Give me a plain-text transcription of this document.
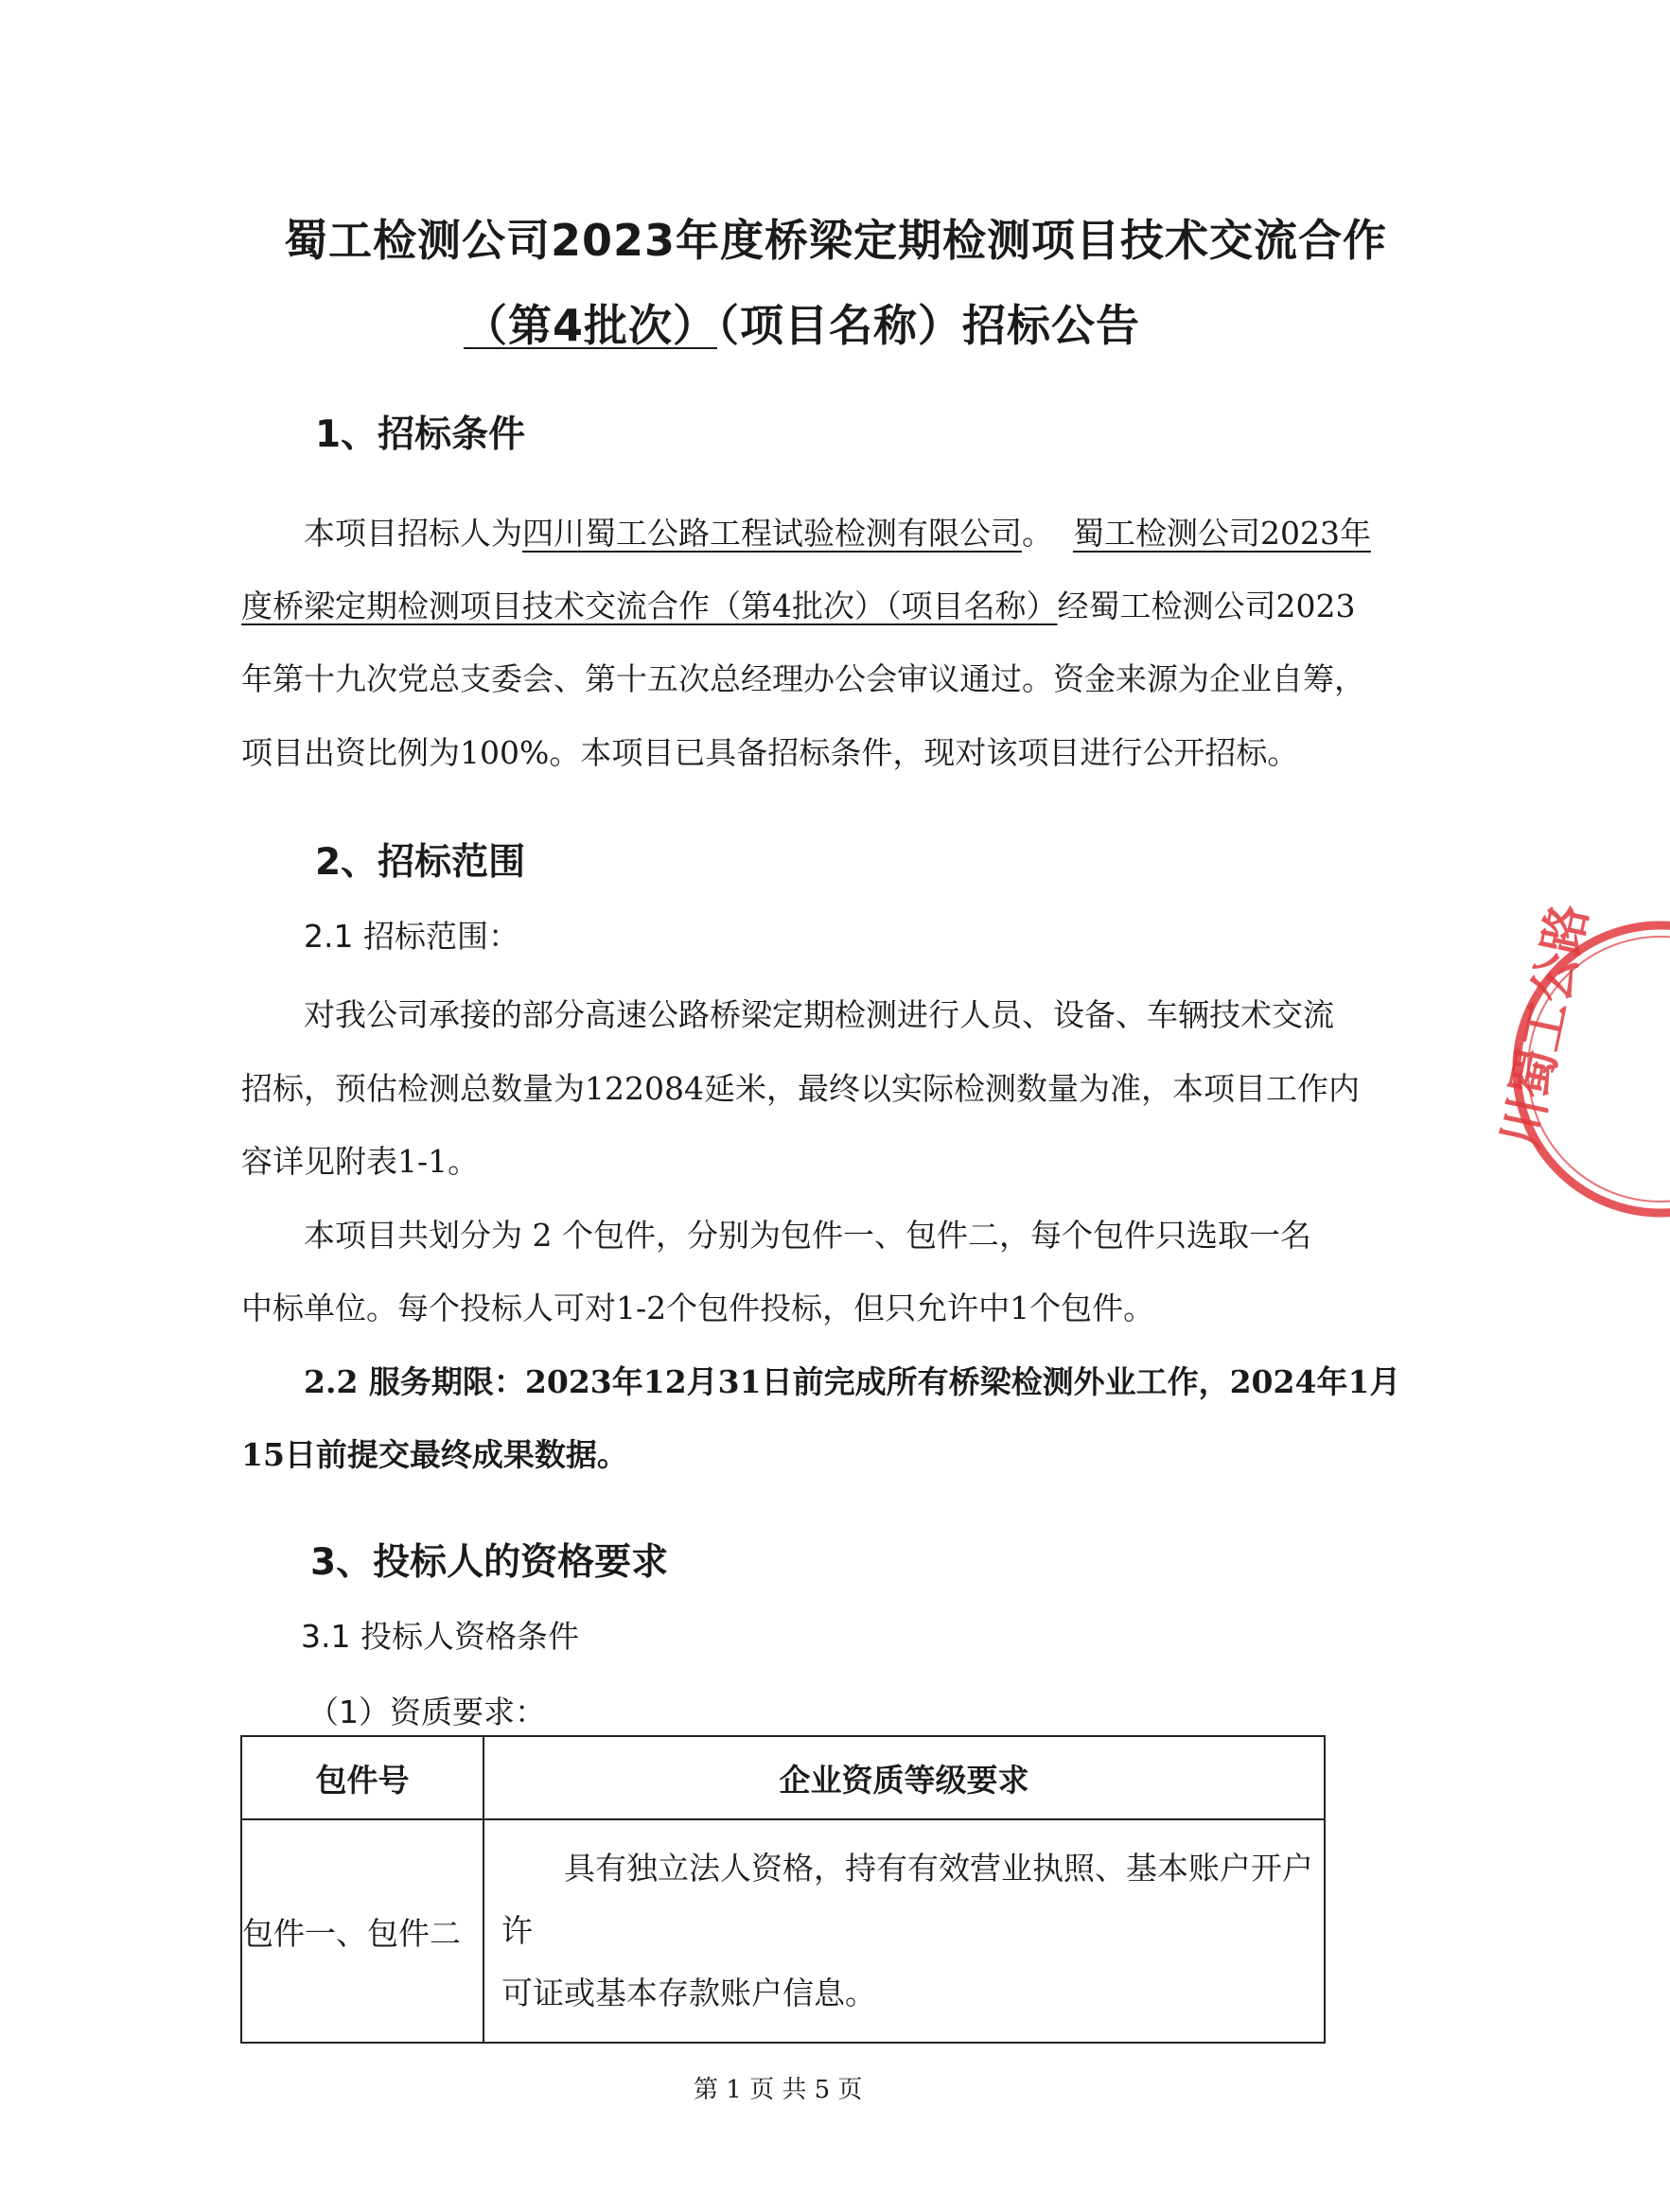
蜀工检测公司2023年度桥梁定期检测项目技术交流合作
（第4批次）（项目名称）招标公告
1、招标条件
本项目招标人为四川蜀工公路工程试验检测有限公司。 蜀工检测公司2023年
度桥梁定期检测项目技术交流合作（第4批次）（项目名称）经蜀工检测公司2023
年第十九次党总支委会、第十五次总经理办公会审议通过。资金来源为企业自筹，
项目出资比例为100%。本项目已具备招标条件，现对该项目进行公开招标。
2、招标范围
2.1 招标范围：
对我公司承接的部分高速公路桥梁定期检测进行人员、设备、车辆技术交流
招标，预估检测总数量为122084延米，最终以实际检测数量为准，本项目工作内
容详见附表1-1。
本项目共划分为 2 个包件，分别为包件一、包件二，每个包件只选取一名
中标单位。每个投标人可对1-2个包件投标，但只允许中1个包件。
2.2 服务期限：2023年12月31日前完成所有桥梁检测外业工作，2024年1月
15日前提交最终成果数据。
3、投标人的资格要求
3.1 投标人资格条件
（1）资质要求：
包件号	企业资质等级要求
包件一、包件二	具有独立法人资格，持有有效营业执照、基本账户开户许
可证或基本存款账户信息。
第 1 页 共 5 页
川蜀工公路
